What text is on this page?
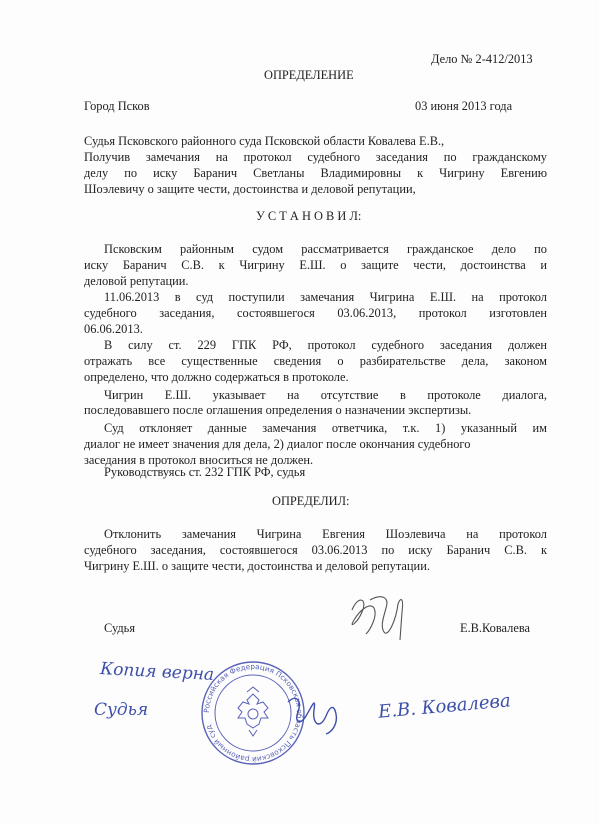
Дело № 2-412/2013
ОПРЕДЕЛЕНИЕ
Город Псков	03 июня 2013 года
Судья Псковского районного суда Псковской области Ковалева Е.В.,
Получив замечания на протокол судебного заседания по гражданскому
делу по иску Баранич Светланы Владимировны к Чигрину Евгению
Шоэлевичу о защите чести, достоинства и деловой репутации,
У С Т А Н О В И Л:
Псковским районным судом рассматривается гражданское дело по
иску Баранич С.В. к Чигрину Е.Ш. о защите чести, достоинства и
деловой репутации.
11.06.2013 в суд поступили замечания Чигрина Е.Ш. на протокол
судебного заседания, состоявшегося 03.06.2013, протокол изготовлен
06.06.2013.
В силу ст. 229 ГПК РФ, протокол судебного заседания должен
отражать все существенные сведения о разбирательстве дела, законом
определено, что должно содержаться в протоколе.
Чигрин Е.Ш. указывает на отсутствие в протоколе диалога,
последовавшего после оглашения определения о назначении экспертизы.
Суд отклоняет данные замечания ответчика, т.к. 1) указанный им
диалог не имеет значения для дела, 2) диалог после окончания судебного
заседания в протокол вноситься не должен.
Руководствуясь ст. 232 ГПК РФ, судья
ОПРЕДЕЛИЛ:
Отклонить замечания Чигрина Евгения Шоэлевича на протокол
судебного заседания, состоявшегося 03.06.2013 по иску Баранич С.В. к
Чигрину Е.Ш. о защите чести, достоинства и деловой репутации.
Судья	Е.В.Ковалева
Копия верна
Судья	Е.В. Ковалева
Российская Федерация Псковская область Псковский районный суд
